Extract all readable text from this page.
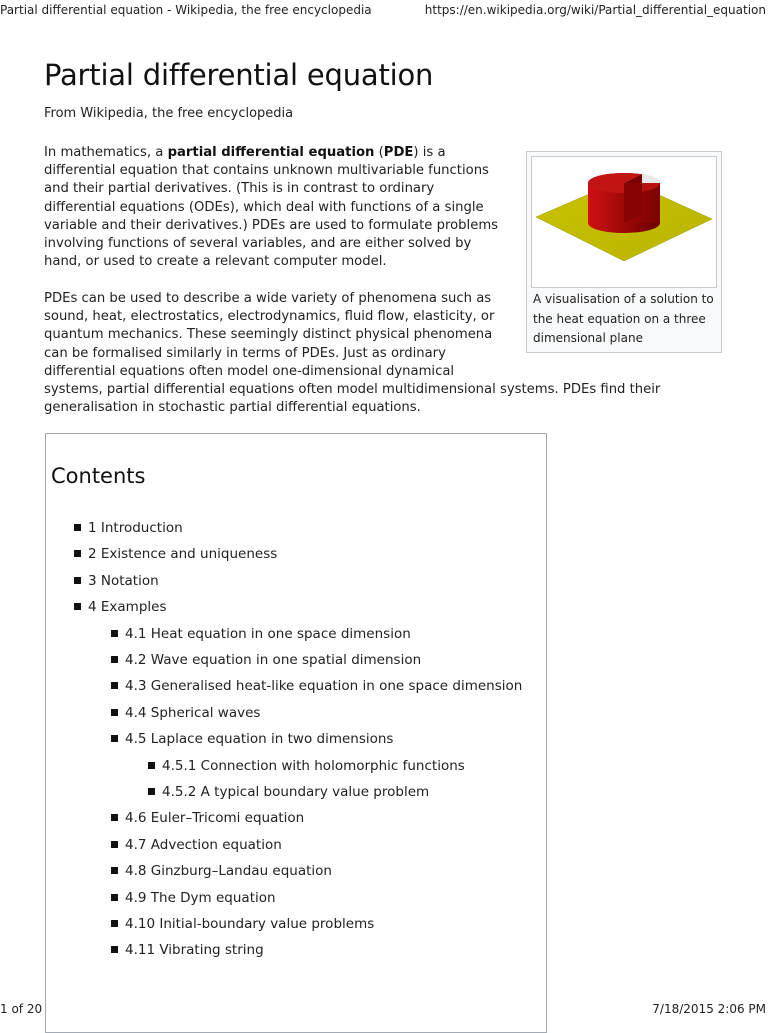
Partial differential equation - Wikipedia, the free encyclopedia	https://en.wikipedia.org/wiki/Partial_differential_equation
Partial differential equation
From Wikipedia, the free encyclopedia

In mathematics, a partial differential equation (PDE) is a differential equation that contains unknown multivariable functions and their partial derivatives. (This is in contrast to ordinary differential equations (ODEs), which deal with functions of a single variable and their derivatives.) PDEs are used to formulate problems involving functions of several variables, and are either solved by hand, or used to create a relevant computer model.

PDEs can be used to describe a wide variety of phenomena such as sound, heat, electrostatics, electrodynamics, fluid flow, elasticity, or quantum mechanics. These seemingly distinct physical phenomena can be formalised similarly in terms of PDEs. Just as ordinary differential equations often model one-dimensional dynamical

systems, partial differential equations often model multidimensional systems. PDEs find their generalisation in stochastic partial differential equations.

A visualisation of a solution to the heat equation on a three dimensional plane
Contents
1 Introduction
2 Existence and uniqueness
3 Notation
4 Examples
4.1 Heat equation in one space dimension
4.2 Wave equation in one spatial dimension
4.3 Generalised heat-like equation in one space dimension
4.4 Spherical waves
4.5 Laplace equation in two dimensions
4.5.1 Connection with holomorphic functions
4.5.2 A typical boundary value problem
4.6 Euler–Tricomi equation
4.7 Advection equation
4.8 Ginzburg–Landau equation
4.9 The Dym equation
4.10 Initial-boundary value problems
4.11 Vibrating string
1 of 20	7/18/2015 2:06 PM
